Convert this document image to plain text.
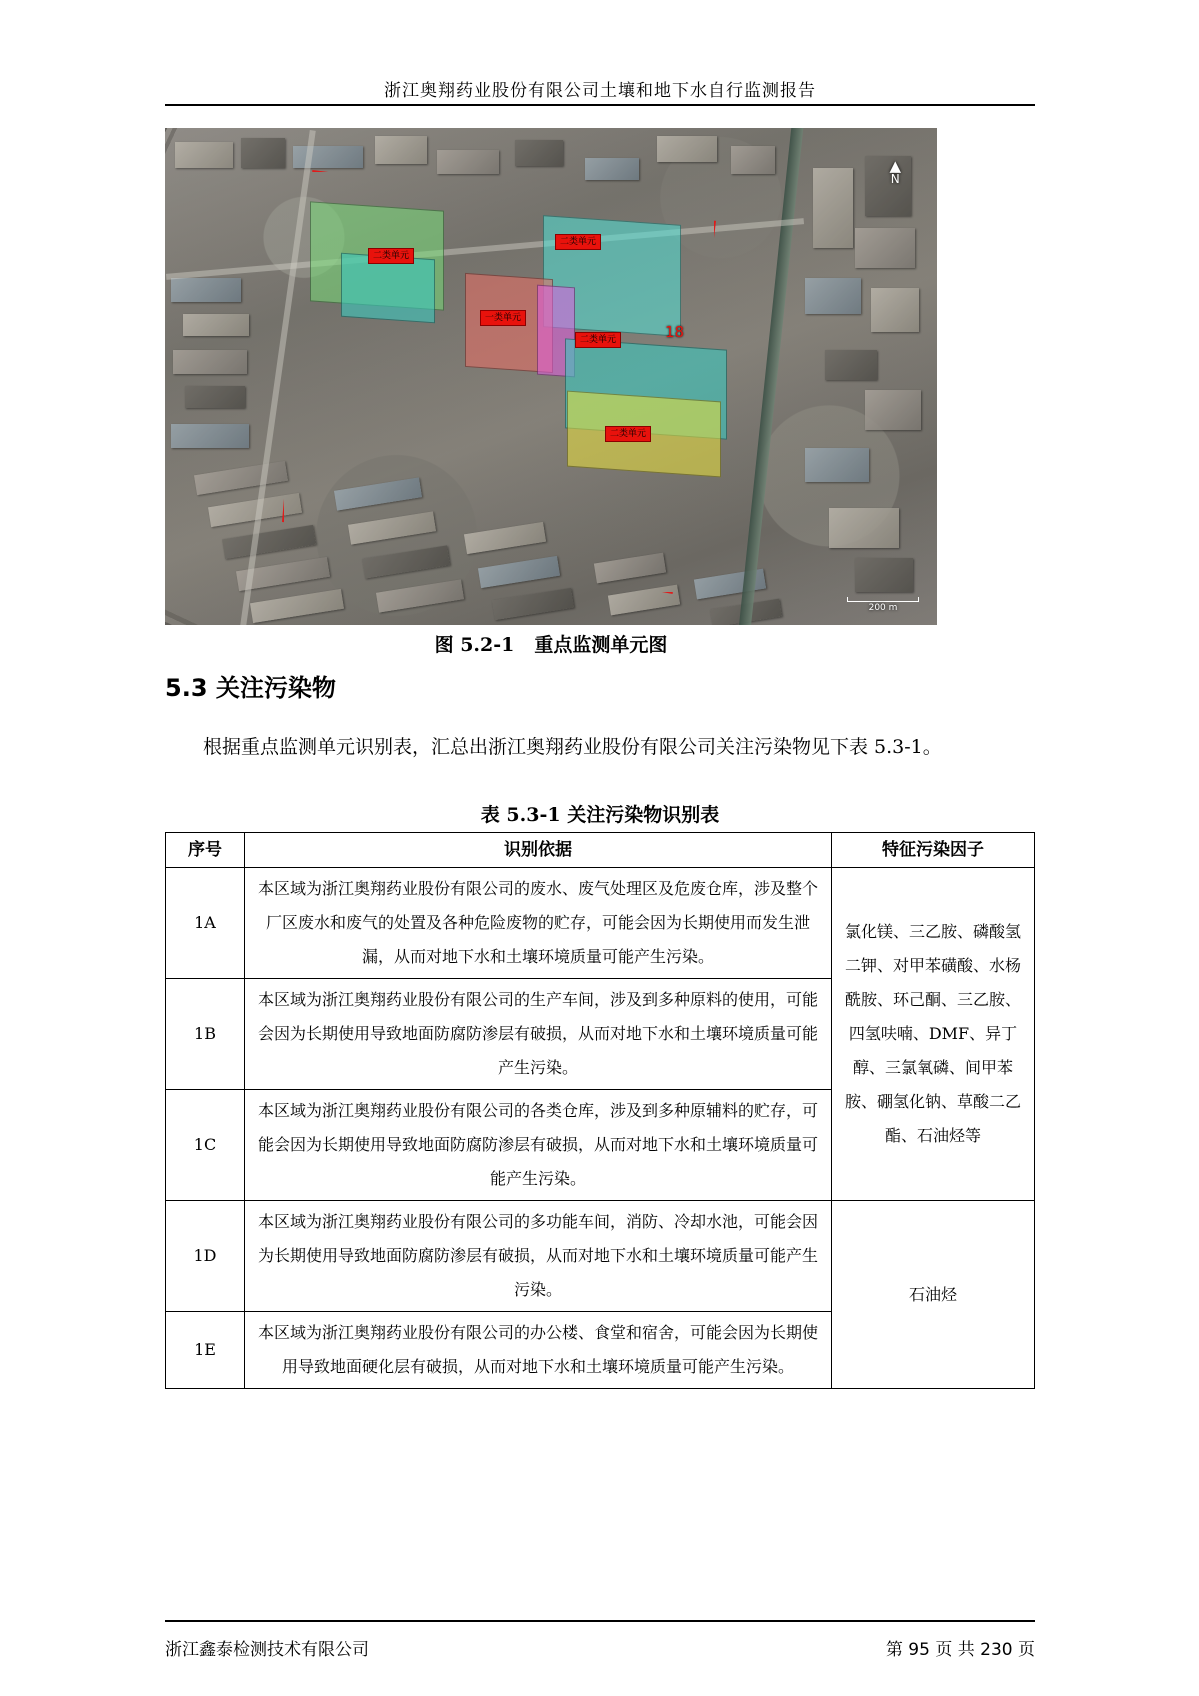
浙江奥翔药业股份有限公司土壤和地下水自行监测报告
二类单元
二类单元
一类单元
二类单元
二类单元
18
▲
N
200 m
图 5.2-1 重点监测单元图
5.3 关注污染物
根据重点监测单元识别表，汇总出浙江奥翔药业股份有限公司关注污染物见下表 5.3-1。
表 5.3-1 关注污染物识别表
序号	识别依据	特征污染因子
1A	本区域为浙江奥翔药业股份有限公司的废水、废气处理区及危废仓库，涉及整个厂区废水和废气的处置及各种危险废物的贮存，可能会因为长期使用而发生泄漏，从而对地下水和土壤环境质量可能产生污染。	氯化镁、三乙胺、磷酸氢二钾、对甲苯磺酸、水杨酰胺、环己酮、三乙胺、四氢呋喃、DMF、异丁醇、三氯氧磷、间甲苯胺、硼氢化钠、草酸二乙酯、石油烃等
1B	本区域为浙江奥翔药业股份有限公司的生产车间，涉及到多种原料的使用，可能会因为长期使用导致地面防腐防渗层有破损，从而对地下水和土壤环境质量可能产生污染。	
1C	本区域为浙江奥翔药业股份有限公司的各类仓库，涉及到多种原辅料的贮存，可能会因为长期使用导致地面防腐防渗层有破损，从而对地下水和土壤环境质量可能产生污染。	
1D	本区域为浙江奥翔药业股份有限公司的多功能车间，消防、冷却水池，可能会因为长期使用导致地面防腐防渗层有破损，从而对地下水和土壤环境质量可能产生污染。	石油烃
1E	本区域为浙江奥翔药业股份有限公司的办公楼、食堂和宿舍，可能会因为长期使用导致地面硬化层有破损，从而对地下水和土壤环境质量可能产生污染。	
浙江鑫泰检测技术有限公司	第 95 页 共 230 页
